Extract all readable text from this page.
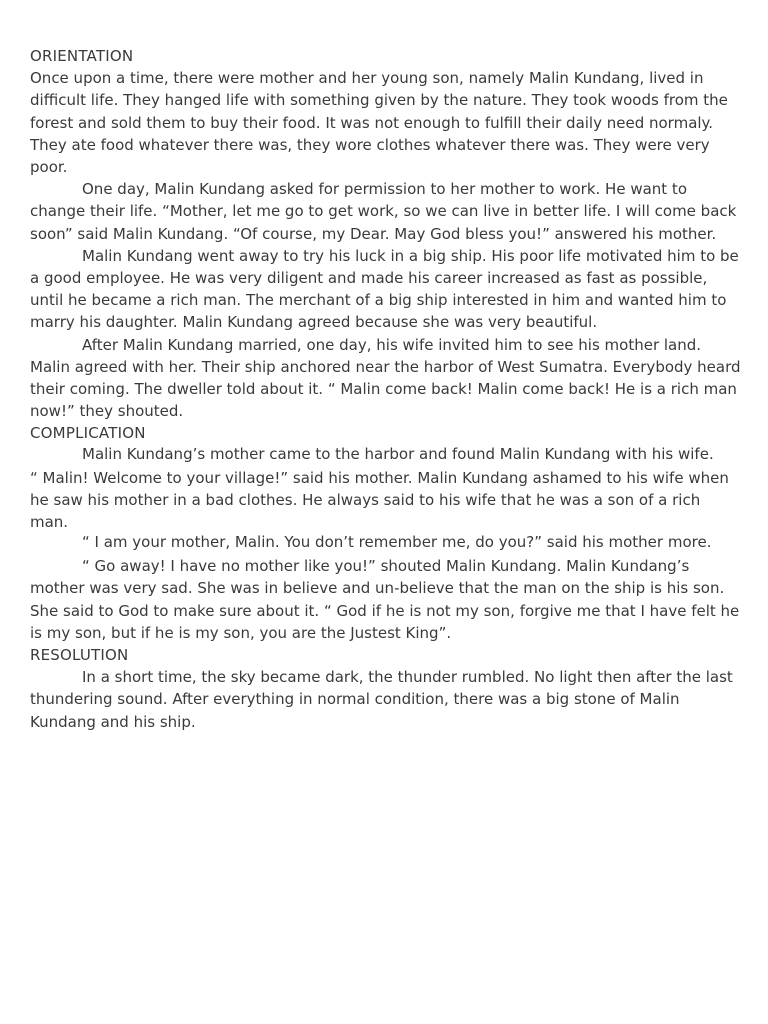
ORIENTATION

Once upon a time, there were mother and her young son, namely Malin Kundang, lived in difficult life. They hanged life with something given by the nature. They took woods from the forest and sold them to buy their food. It was not enough to fulfill their daily need normaly. They ate food whatever there was, they wore clothes whatever there was. They were very poor.

One day, Malin Kundang asked for permission to her mother to work. He want to change their life. “Mother, let me go to get work, so we can live in better life. I will come back soon” said Malin Kundang. “Of course, my Dear. May God bless you!” answered his mother.

Malin Kundang went away to try his luck in a big ship. His poor life motivated him to be a good employee. He was very diligent and made his career increased as fast as possible, until he became a rich man. The merchant of a big ship interested in him and wanted him to marry his daughter. Malin Kundang agreed because she was very beautiful.

After Malin Kundang married, one day, his wife invited him to see his mother land. Malin agreed with her. Their ship anchored near the harbor of West Sumatra. Everybody heard their coming. The dweller told about it. “ Malin come back! Malin come back! He is a rich man now!” they shouted.

COMPLICATION

Malin Kundang’s mother came to the harbor and found Malin Kundang with his wife.

“ Malin! Welcome to your village!” said his mother. Malin Kundang ashamed to his wife when he saw his mother in a bad clothes. He always said to his wife that he was a son of a rich man.

“ I am your mother, Malin. You don’t remember me, do you?” said his mother more.

“ Go away! I have no mother like you!” shouted Malin Kundang. Malin Kundang’s mother was very sad. She was in believe and un-believe that the man on the ship is his son. She said to God to make sure about it. “ God if he is not my son, forgive me that I have felt he is my son, but if he is my son, you are the Justest King”.

RESOLUTION

In a short time, the sky became dark, the thunder rumbled. No light then after the last thundering sound. After everything in normal condition, there was a big stone of Malin Kundang and his ship.
